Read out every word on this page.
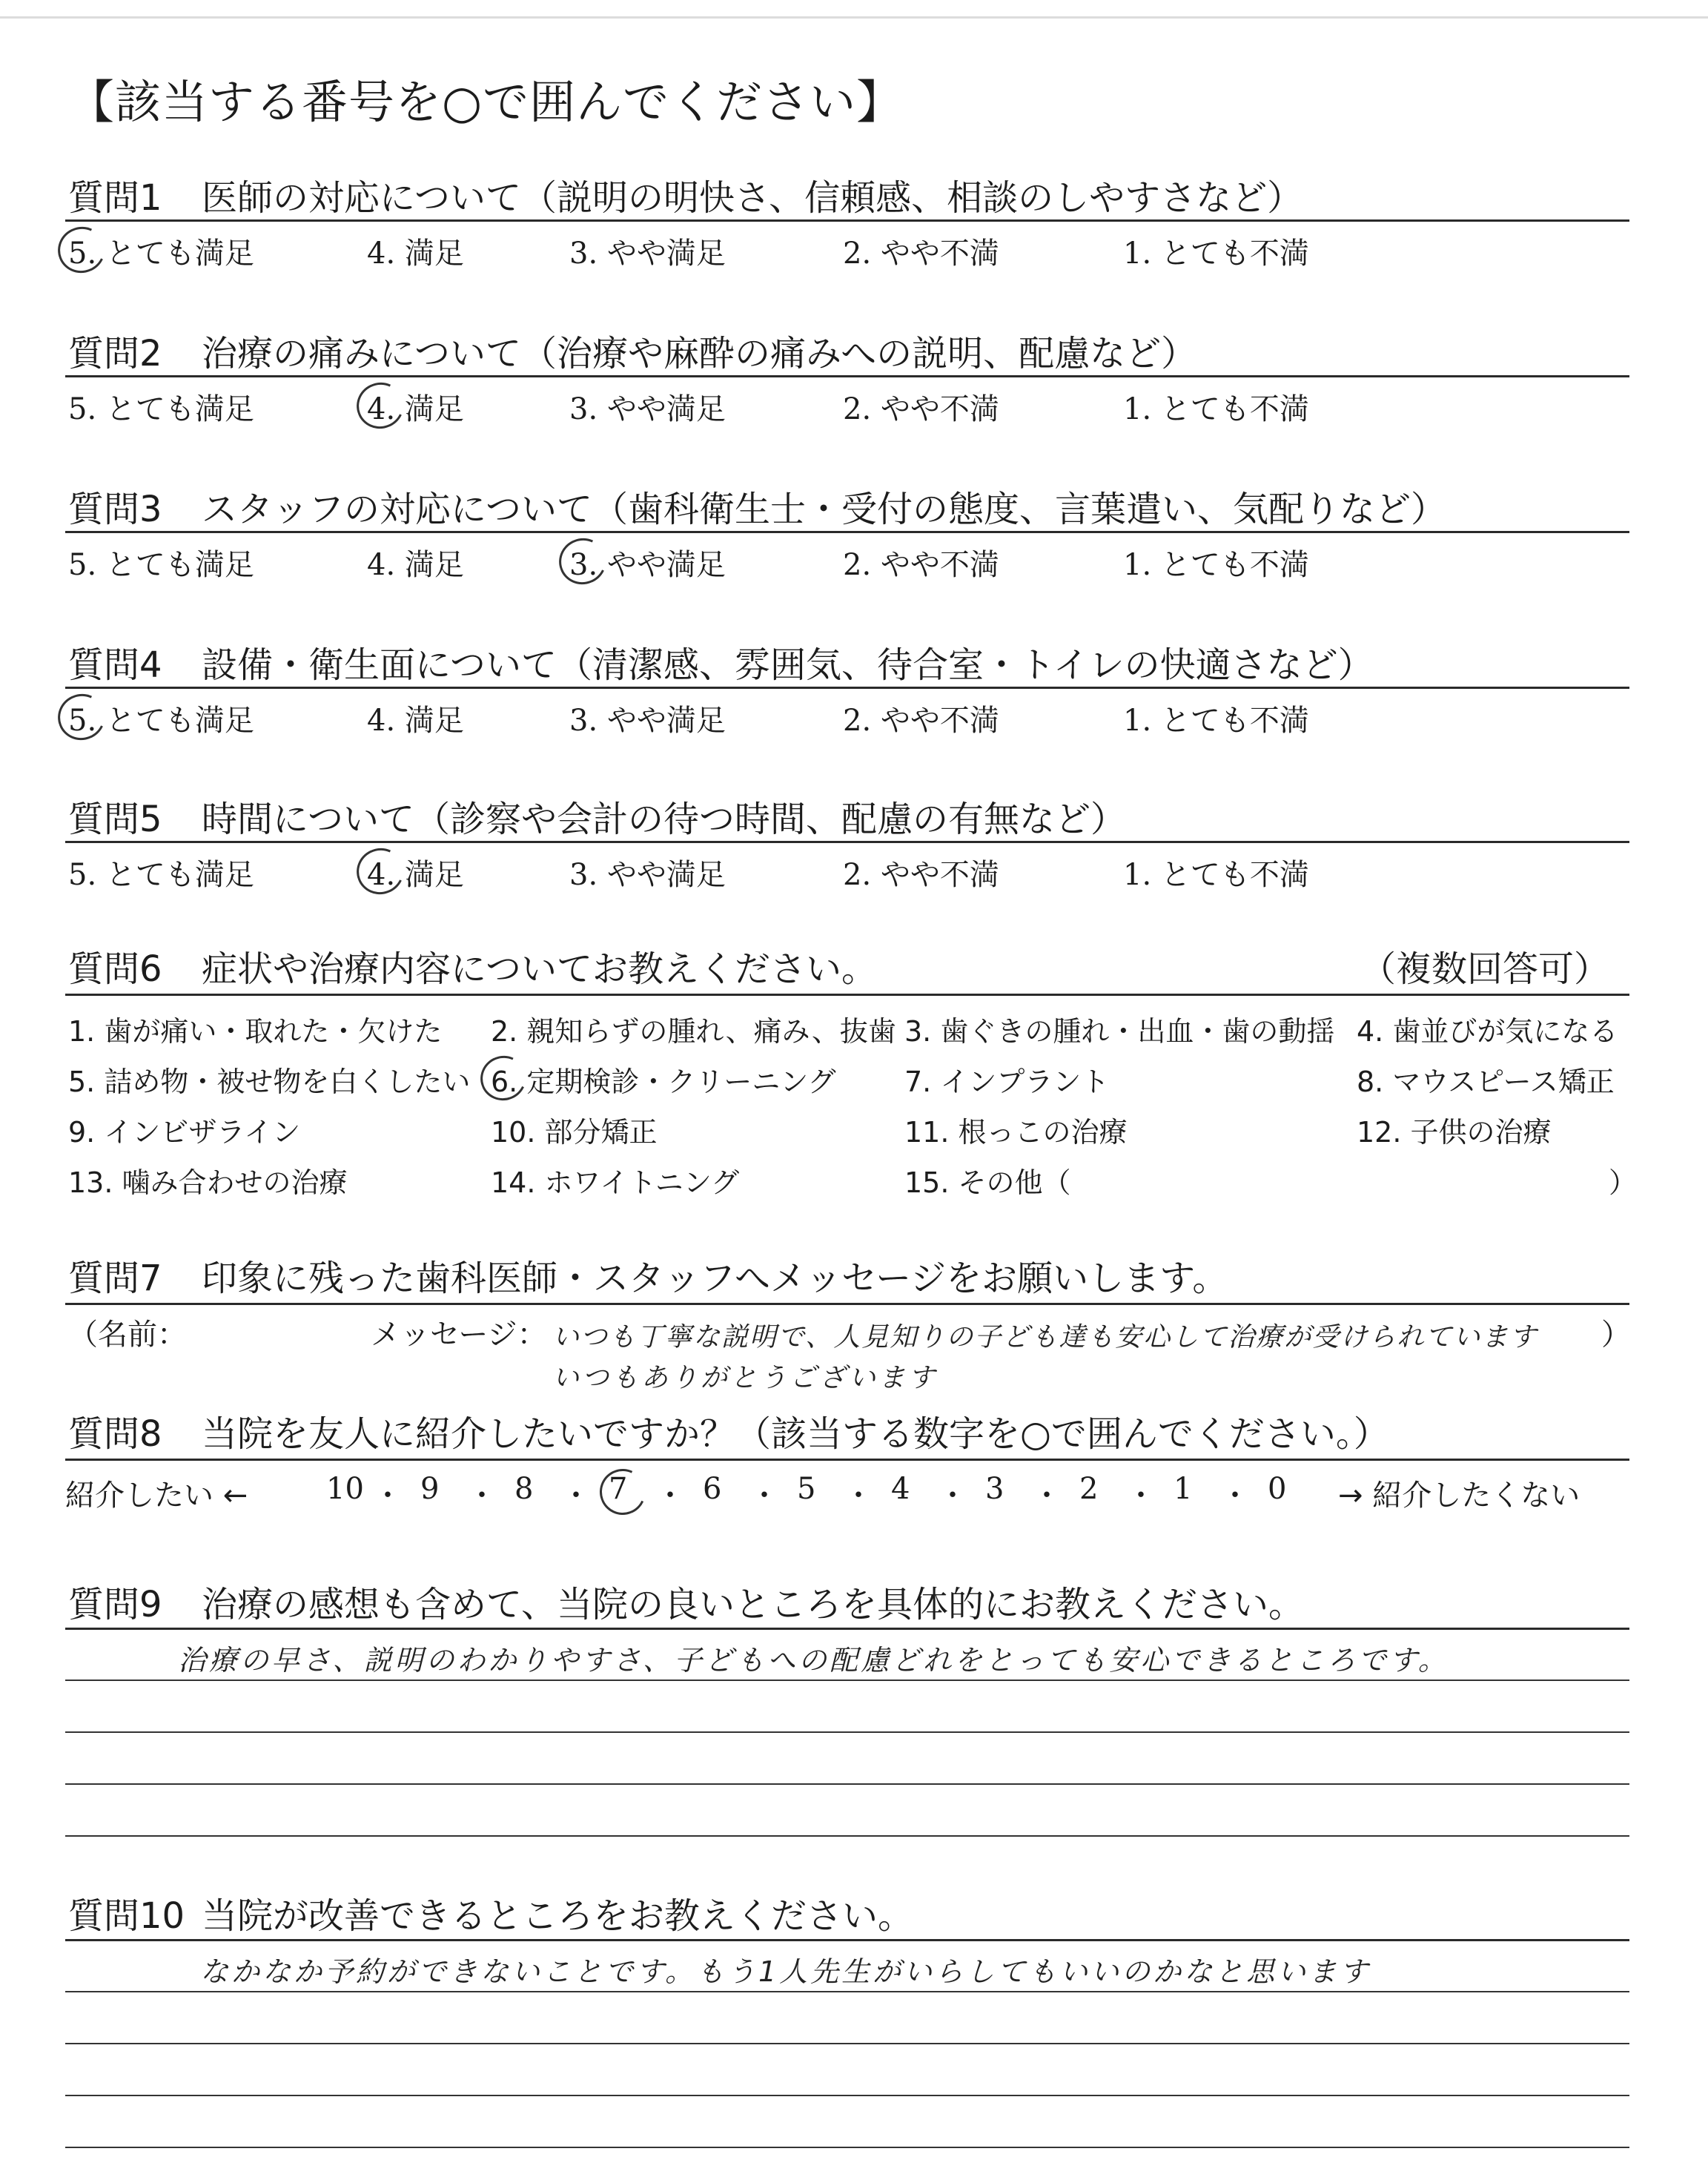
【該当する番号を○で囲んでください】
質問1 医師の対応について（説明の明快さ、信頼感、相談のしやすさなど）
5. とても満足	4. 満足	3. やや満足	2. やや不満	1. とても不満
質問2 治療の痛みについて（治療や麻酔の痛みへの説明、配慮など）
5. とても満足	4. 満足	3. やや満足	2. やや不満	1. とても不満
質問3 スタッフの対応について（歯科衛生士・受付の態度、言葉遣い、気配りなど）
5. とても満足	4. 満足	3. やや満足	2. やや不満	1. とても不満
質問4 設備・衛生面について（清潔感、雰囲気、待合室・トイレの快適さなど）
5. とても満足	4. 満足	3. やや満足	2. やや不満	1. とても不満
質問5 時間について（診察や会計の待つ時間、配慮の有無など）
5. とても満足	4. 満足	3. やや満足	2. やや不満	1. とても不満
質問6 症状や治療内容についてお教えください。	（複数回答可）
1. 歯が痛い・取れた・欠けた 2. 親知らずの腫れ、痛み、抜歯 3. 歯ぐきの腫れ・出血・歯の動揺 4. 歯並びが気になる
5. 詰め物・被せ物を白くしたい 6. 定期検診・クリーニング 7. インプラント	8. マウスピース矯正
9. インビザライン	10. 部分矯正	11. 根っこの治療	12. 子供の治療
13. 噛み合わせの治療	14. ホワイトニング	15. その他（	）
質問7 印象に残った歯科医師・スタッフへメッセージをお願いします。
（名前：	メッセージ： いつも丁寧な説明で、人見知りの子ども達も安心して治療が受けられています ）
いつもありがとうございます
質問8 当院を友人に紹介したいですか？（該当する数字を○で囲んでください。）
紹介したい ←	10 ・ 9 ・ 8 ・ 7 ・ 6 ・ 5 ・ 4 ・ 3 ・ 2 ・ 1 ・ 0 → 紹介したくない
質問9 治療の感想も含めて、当院の良いところを具体的にお教えください。
治療の早さ、説明のわかりやすさ、子どもへの配慮どれをとっても安心できるところです。
質問10 当院が改善できるところをお教えください。
なかなか予約ができないことです。もう1人先生がいらしてもいいのかなと思います
